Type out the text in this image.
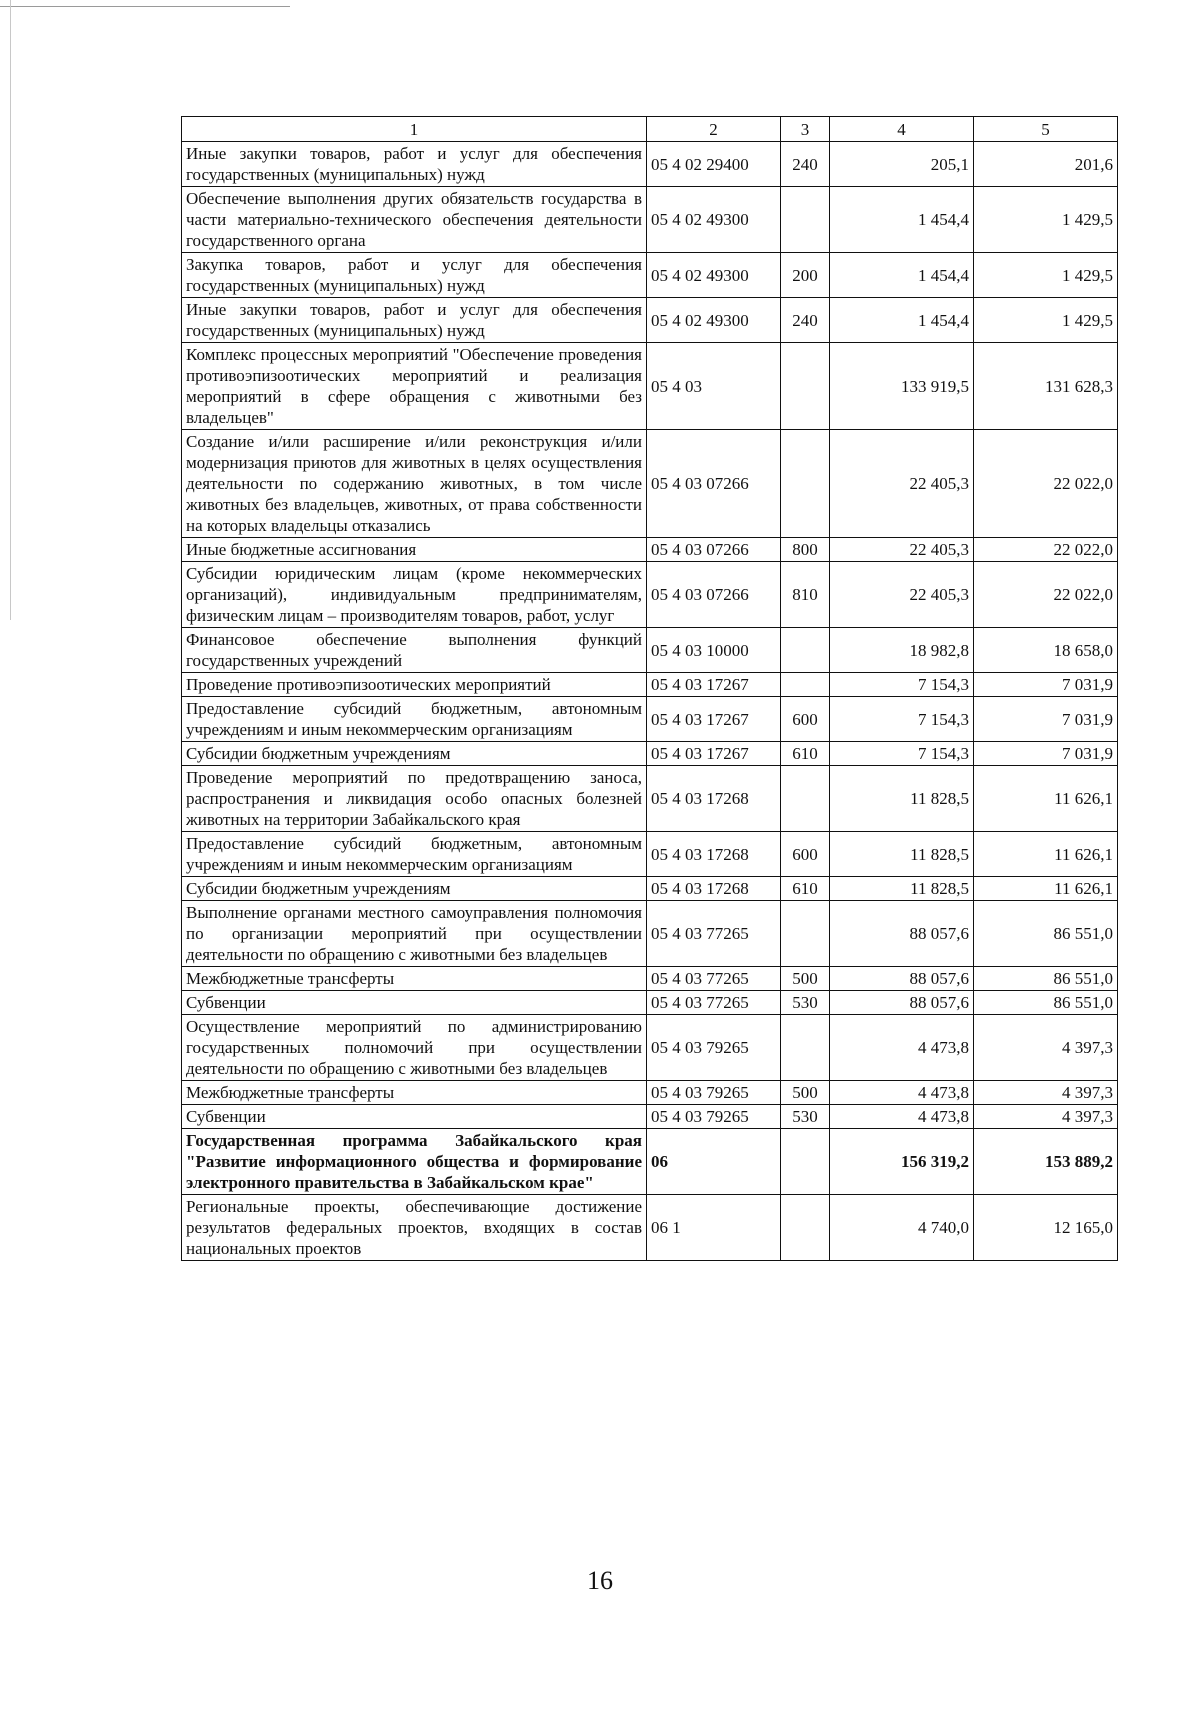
1	2	3	4	5
Иные закупки товаров, работ и услуг для обеспечения государственных (муниципальных) нужд	05 4 02 29400	240	205,1	201,6
Обеспечение выполнения других обязательств государства в части материально-технического обеспечения деятельности государственного органа	05 4 02 49300		1 454,4	1 429,5
Закупка товаров, работ и услуг для обеспечения государственных (муниципальных) нужд	05 4 02 49300	200	1 454,4	1 429,5
Иные закупки товаров, работ и услуг для обеспечения государственных (муниципальных) нужд	05 4 02 49300	240	1 454,4	1 429,5
Комплекс процессных мероприятий "Обеспечение проведения противоэпизоотических мероприятий и реализация мероприятий в сфере обращения с животными без владельцев"	05 4 03		133 919,5	131 628,3
Создание и/или расширение и/или реконструкция и/или модернизация приютов для животных в целях осуществления деятельности по содержанию животных, в том числе животных без владельцев, животных, от права собственности на которых владельцы отказались	05 4 03 07266		22 405,3	22 022,0
Иные бюджетные ассигнования	05 4 03 07266	800	22 405,3	22 022,0
Субсидии юридическим лицам (кроме некоммерческих организаций), индивидуальным предпринимателям, физическим лицам – производителям товаров, работ, услуг	05 4 03 07266	810	22 405,3	22 022,0
Финансовое обеспечение выполнения функций государственных учреждений	05 4 03 10000		18 982,8	18 658,0
Проведение противоэпизоотических мероприятий	05 4 03 17267		7 154,3	7 031,9
Предоставление субсидий бюджетным, автономным учреждениям и иным некоммерческим организациям	05 4 03 17267	600	7 154,3	7 031,9
Субсидии бюджетным учреждениям	05 4 03 17267	610	7 154,3	7 031,9
Проведение мероприятий по предотвращению заноса, распространения и ликвидация особо опасных болезней животных на территории Забайкальского края	05 4 03 17268		11 828,5	11 626,1
Предоставление субсидий бюджетным, автономным учреждениям и иным некоммерческим организациям	05 4 03 17268	600	11 828,5	11 626,1
Субсидии бюджетным учреждениям	05 4 03 17268	610	11 828,5	11 626,1
Выполнение органами местного самоуправления полномочия по организации мероприятий при осуществлении деятельности по обращению с животными без владельцев	05 4 03 77265		88 057,6	86 551,0
Межбюджетные трансферты	05 4 03 77265	500	88 057,6	86 551,0
Субвенции	05 4 03 77265	530	88 057,6	86 551,0
Осуществление мероприятий по администрированию государственных полномочий при осуществлении деятельности по обращению с животными без владельцев	05 4 03 79265		4 473,8	4 397,3
Межбюджетные трансферты	05 4 03 79265	500	4 473,8	4 397,3
Субвенции	05 4 03 79265	530	4 473,8	4 397,3
Государственная программа Забайкальского края "Развитие информационного общества и формирование электронного правительства в Забайкальском крае"	06		156 319,2	153 889,2
Региональные проекты, обеспечивающие достижение результатов федеральных проектов, входящих в состав национальных проектов	06 1		4 740,0	12 165,0
16
